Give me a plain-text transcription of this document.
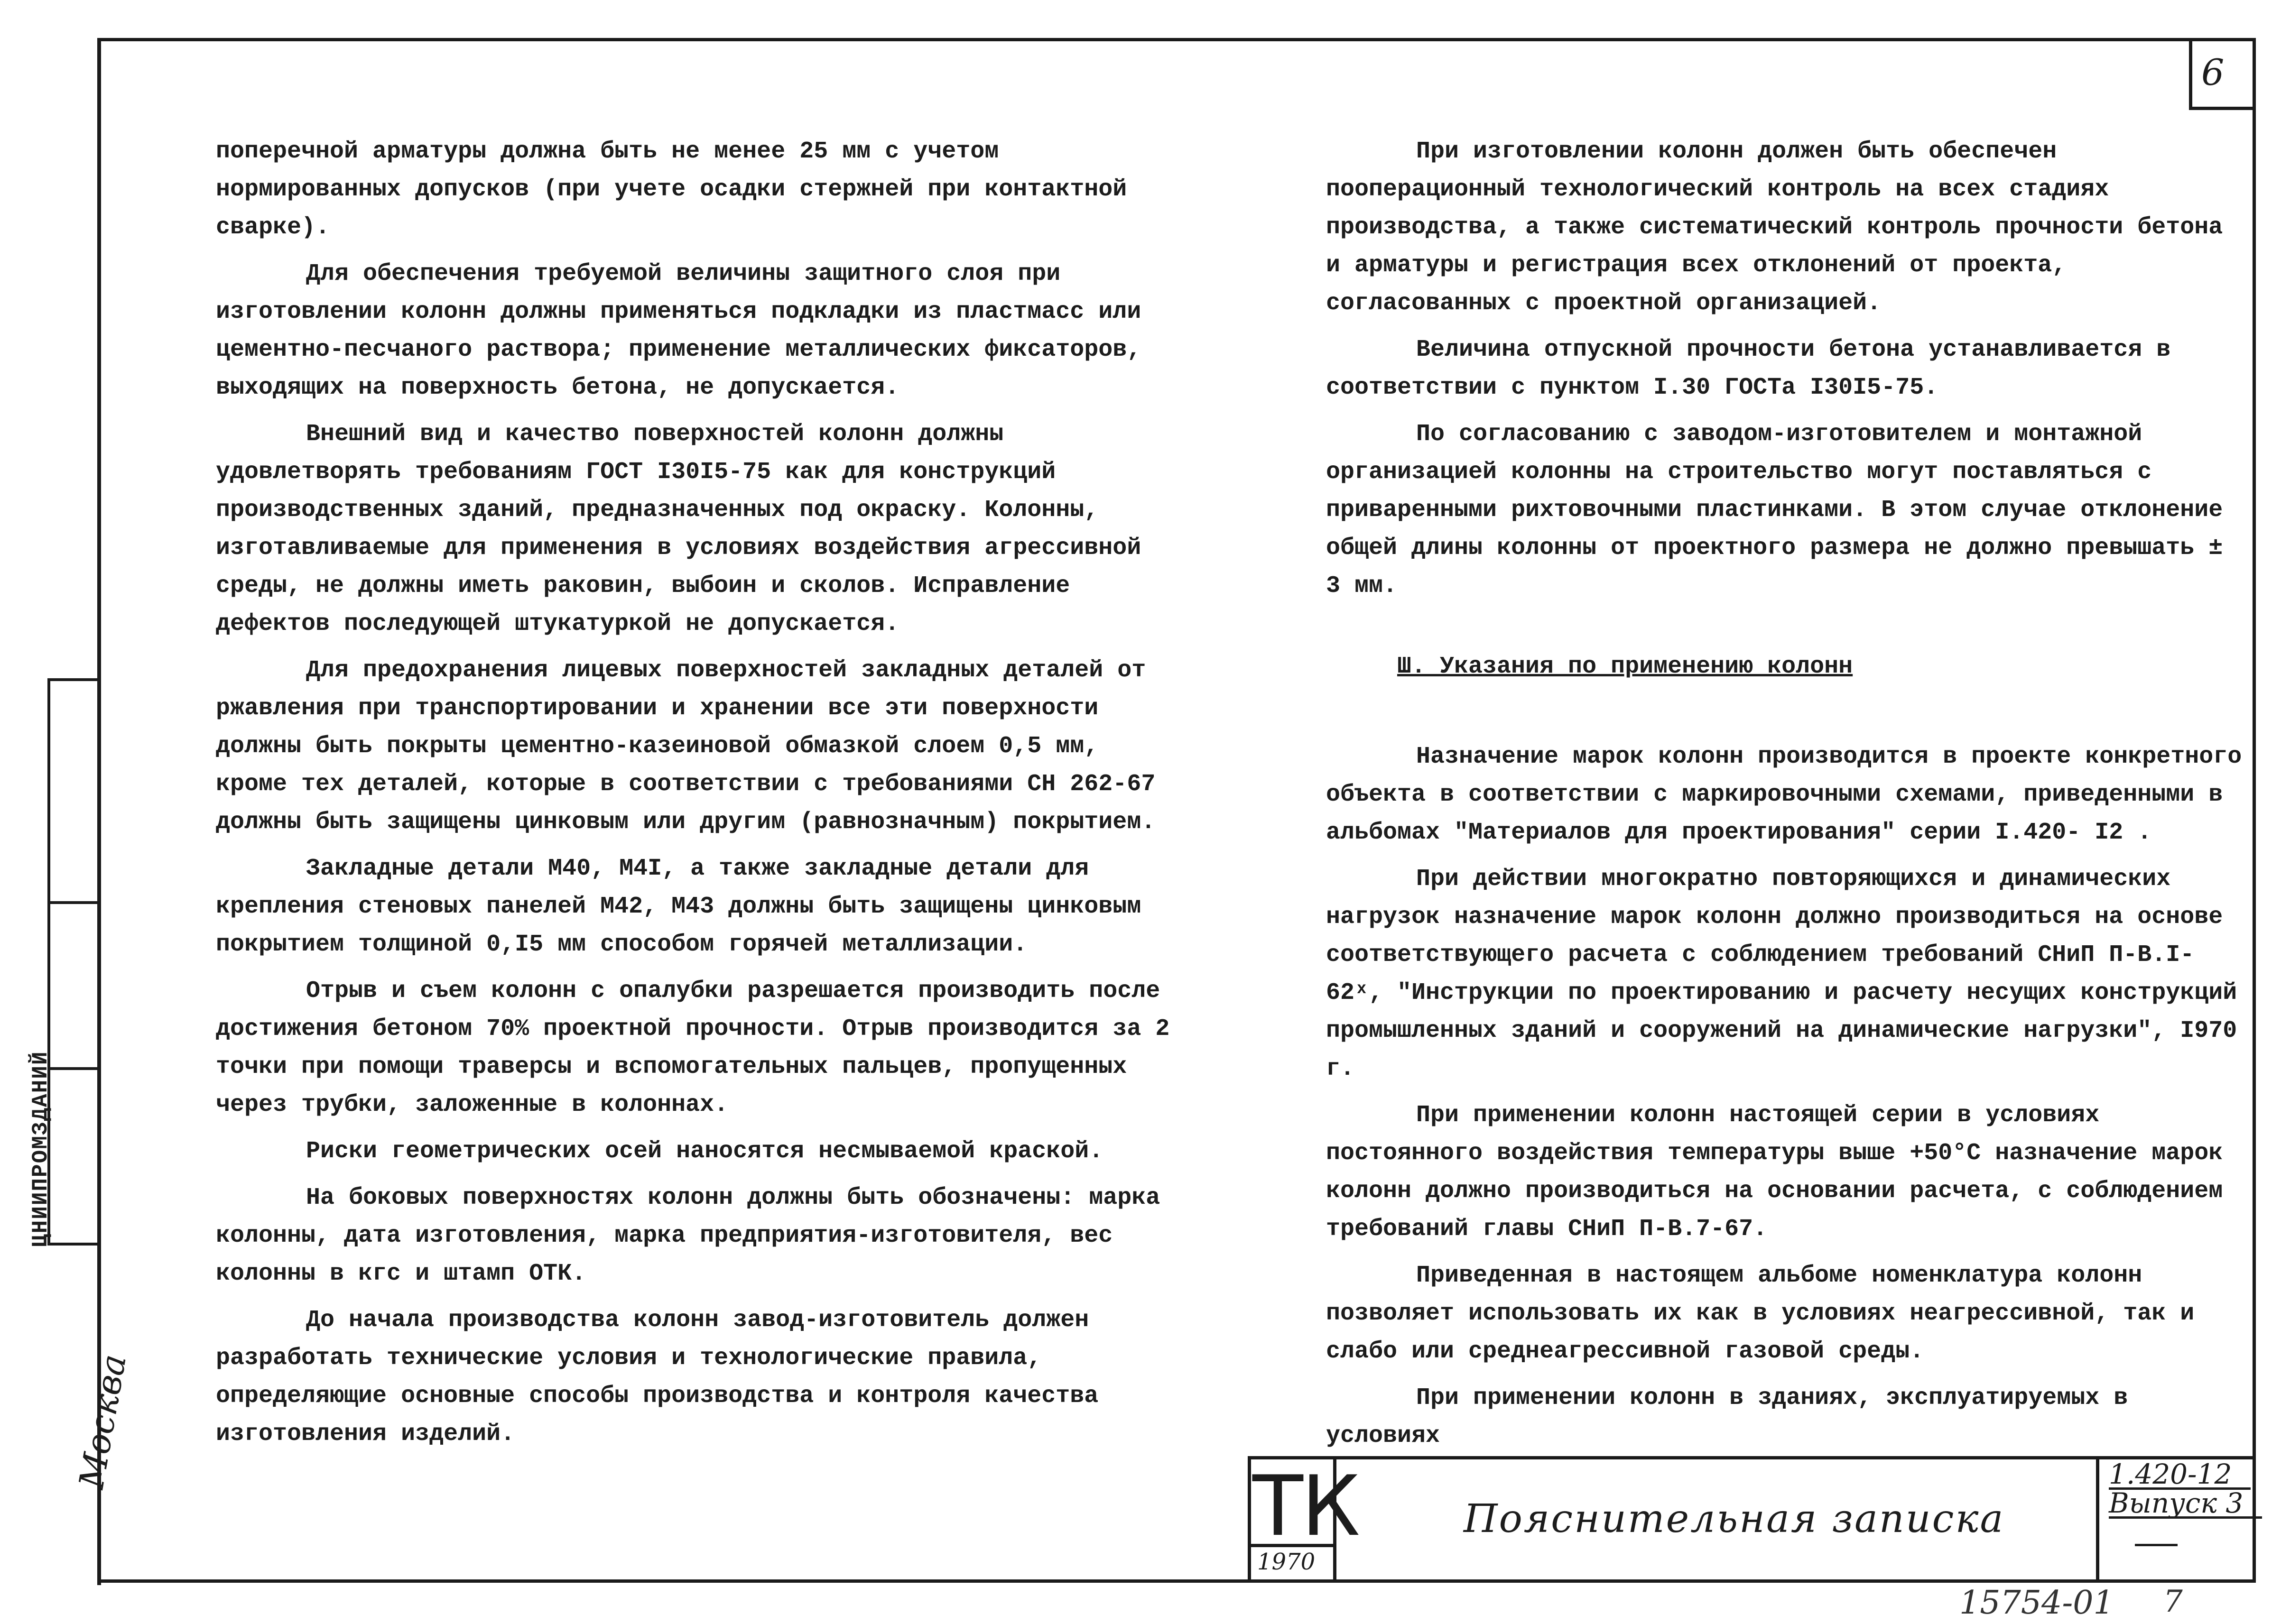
6

поперечной арматуры должна быть не менее 25 мм с учетом нормированных допусков (при учете осадки стержней при контактной сварке).

Для обеспечения требуемой величины защитного слоя при изготовлении колонн должны применяться подкладки из пластмасс или цементно-песчаного раствора; применение металлических фиксаторов, выходящих на поверхность бетона, не допускается.

Внешний вид и качество поверхностей колонн должны удовлетворять требованиям ГОСТ I30I5-75 как для конструкций производственных зданий, предназначенных под окраску. Колонны, изготавливаемые для применения в условиях воздействия агрессивной среды, не должны иметь раковин, выбоин и сколов. Исправление дефектов последующей штукатуркой не допускается.

Для предохранения лицевых поверхностей закладных деталей от ржавления при транспортировании и хранении все эти поверхности должны быть покрыты цементно-казеиновой обмазкой слоем 0,5 мм, кроме тех деталей, которые в соответствии с требованиями СН 262-67 должны быть защищены цинковым или другим (равнозначным) покрытием.

Закладные детали М40, М4I, а также закладные детали для крепления стеновых панелей М42, М43 должны быть защищены цинковым покрытием толщиной 0,I5 мм способом горячей металлизации.

Отрыв и съем колонн с опалубки разрешается производить после достижения бетоном 70% проектной прочности. Отрыв производится за 2 точки при помощи траверсы и вспомогательных пальцев, пропущенных через трубки, заложенные в колоннах.

Риски геометрических осей наносятся несмываемой краской.

На боковых поверхностях колонн должны быть обозначены: марка колонны, дата изготовления, марка предприятия-изготовителя, вес колонны в кгс и штамп ОТК.

До начала производства колонн завод-изготовитель должен разработать технические условия и технологические правила, определяющие основные способы производства и контроля качества изготовления изделий.

При изготовлении колонн должен быть обеспечен пооперационный технологический контроль на всех стадиях производства, а также систематический контроль прочности бетона и арматуры и регистрация всех отклонений от проекта, согласованных с проектной организацией.

Величина отпускной прочности бетона устанавливается в соответствии с пунктом I.30 ГОСТа I30I5-75.

По согласованию с заводом-изготовителем и монтажной организацией колонны на строительство могут поставляться с приваренными рихтовочными пластинками. В этом случае отклонение общей длины колонны от проектного размера не должно превышать ± 3 мм.

Ш. Указания по применению колонн

Назначение марок колонн производится в проекте конкретного объекта в соответствии с маркировочными схемами, приведенными в альбомах "Материалов для проектирования" серии I.420- I2 .

При действии многократно повторяющихся и динамических нагрузок назначение марок колонн должно производиться на основе соответствующего расчета с соблюдением требований СНиП П-В.I-62ˣ, "Инструкции по проектированию и расчету несущих конструкций промышленных зданий и сооружений на динамические нагрузки", I970 г.

При применении колонн настоящей серии в условиях постоянного воздействия температуры выше +50°С назначение марок колонн должно производиться на основании расчета, с соблюдением требований главы СНиП П-В.7-67.

Приведенная в настоящем альбоме номенклатура колонн позволяет использовать их как в условиях неагрессивной, так и слабо или среднеагрессивной газовой среды.

При применении колонн в зданиях, эксплуатируемых в условиях

ЦНИИПРОМЗДАНИЙ
Москва
ТК
1970
Пояснительная записка
1.420-12
Выпуск 3
15754-01 7
